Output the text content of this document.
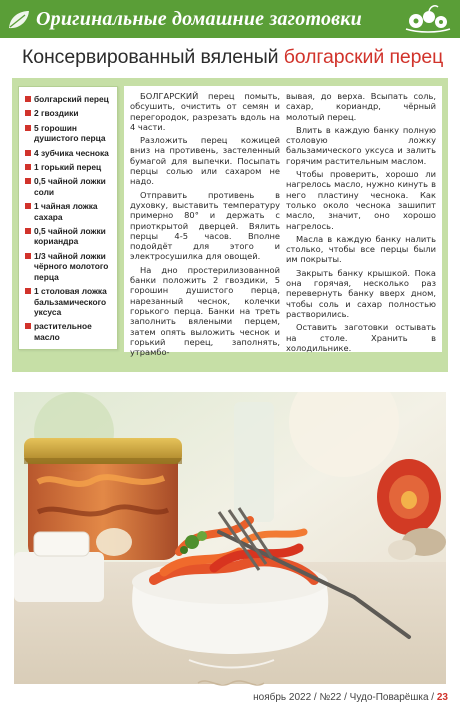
Оригинальные домашние заготовки
Консервированный вяленый болгарский перец
болгарский перец
2 гвоздики
5 горошин душистого перца
4 зубчика чеснока
1 горький перец
0,5 чайной ложки соли
1 чайная ложка сахара
0,5 чайной ложки кориандра
1/3 чайной ложки чёрного молотого перца
1 столовая ложка бальзамического уксуса
растительное масло

БОЛГАРСКИЙ перец помыть, обсушить, очистить от семян и перегородок, разрезать вдоль на 4 части.

Разложить перец кожицей вниз на противень, застеленный бумагой для выпечки. Посыпать перцы солью или сахаром не надо.

Отправить противень в духовку, выставить температуру примерно 80° и держать с приоткрытой дверцей. Вялить перцы 4-5 часов. Вполне подойдёт для этого и электросушилка для овощей.

На дно простерилизованной банки положить 2 гвоздики, 5 горошин душистого перца, нарезанный чеснок, колечки горького перца. Банки на треть заполнить вялеными перцем, затем опять выложить чеснок и горький перец, заполнять, утрамбо-

вывая, до верха. Всыпать соль, сахар, кориандр, чёрный молотый перец.

Влить в каждую банку полную столовую ложку бальзамического уксуса и залить горячим растительным маслом.

Чтобы проверить, хорошо ли нагрелось масло, нужно кинуть в него пластину чеснока. Как только около чеснока зашипит масло, значит, оно хорошо нагрелось.

Масла в каждую банку налить столько, чтобы все перцы были им покрыты.

Закрыть банку крышкой. Пока она горячая, несколько раз перевернуть банку вверх дном, чтобы соль и сахар полностью растворились.

Оставить заготовки остывать на столе. Хранить в холодильнике.

ноябрь 2022 / №22 / Чудо-Поварёшка / 23
